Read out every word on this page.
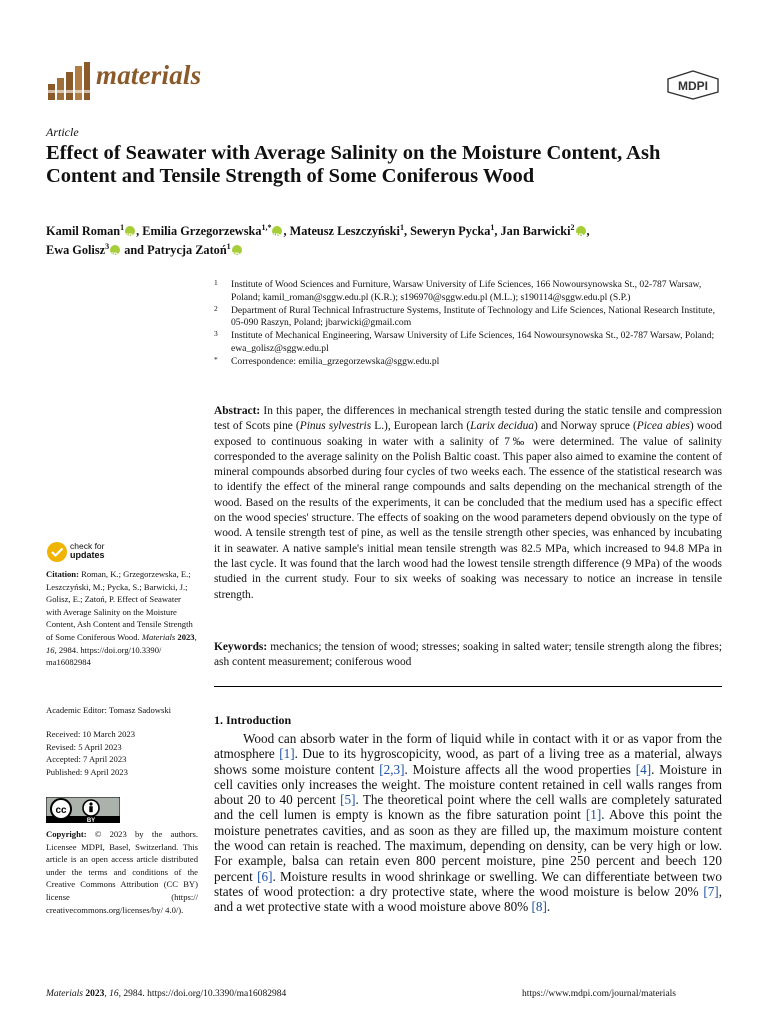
materials	MDPI
Article
Effect of Seawater with Average Salinity on the Moisture Content, Ash Content and Tensile Strength of Some Coniferous Wood
Kamil Roman$^1$ iD , Emilia Grzegorzewska$^{1,*}$ iD , Mateusz Leszczyński$^1$, Seweryn Pycka$^1$, Jan Barwicki$^2$ iD ,
Ewa Golisz$^3$ iD and Patrycja Zatoń$^1$iD

1 Institute of Wood Sciences and Furniture, Warsaw University of Life Sciences, 166 Nowoursynowska St., 02-787 Warsaw, Poland; kamil_roman@sggw.edu.pl (K.R.); s196970@sggw.edu.pl (M.L.); s190114@sggw.edu.pl (S.P.)

2 Department of Rural Technical Infrastructure Systems, Institute of Technology and Life Sciences, National Research Institute, 05-090 Raszyn, Poland; jbarwicki@gmail.com

3 Institute of Mechanical Engineering, Warsaw University of Life Sciences, 164 Nowoursynowska St., 02-787 Warsaw, Poland; ewa_golisz@sggw.edu.pl

* Correspondence: emilia_grzegorzewska@sggw.edu.pl

Abstract: In this paper, the differences in mechanical strength tested during the static tensile and compression test of Scots pine (Pinus sylvestris L.), European larch (Larix decidua) and Norway spruce (Picea abies) wood exposed to continuous soaking in water with a salinity of 7‰ were determined. The value of salinity corresponded to the average salinity on the Polish Baltic coast. This paper also aimed to examine the content of mineral compounds absorbed during four cycles of two weeks each. The essence of the statistical research was to identify the effect of the mineral range compounds and salts depending on the mechanical strength of the wood. Based on the results of the experiments, it can be concluded that the medium used has a specific effect on the wood species' structure. The effects of soaking on the wood parameters depend obviously on the type of wood. A tensile strength test of pine, as well as the tensile strength other species, was enhanced by incubating it in seawater. A native sample's initial mean tensile strength was 82.5 MPa, which increased to 94.8 MPa in the last cycle. It was found that the larch wood had the lowest tensile strength difference (9 MPa) of the woods studied in the current study. Four to six weeks of soaking was necessary to notice an increase in tensile strength.
Keywords: mechanics; the tension of wood; stresses; soaking in salted water; tensile strength along the fibres; ash content measurement; coniferous wood
1. Introduction

Wood can absorb water in the form of liquid while in contact with it or as vapor from the atmosphere [1]. Due to its hygroscopicity, wood, as part of a living tree as a material, always shows some moisture content [2,3]. Moisture affects all the wood properties [4]. Moisture in cell cavities only increases the weight. The moisture content retained in cell walls ranges from about 20 to 40 percent [5]. The theoretical point where the cell walls are completely saturated and the cell lumen is empty is known as the fibre saturation point [1]. Above this point the moisture penetrates cavities, and as soon as they are filled up, the maximum moisture content the wood can retain is reached. The maximum, depending on density, can be very high or low. For example, balsa can retain even 800 percent moisture, pine 250 percent and beech 120 percent [6]. Moisture results in wood shrinkage or swelling. We can differentiate between two states of wood protection: a dry protective state, where the wood moisture is below 20% [7], and a wet protective state with a wood moisture above 80% [8].

check for
updates
Citation: Roman, K.; Grzegorzewska, E.; Leszczyński, M.; Pycka, S.; Barwicki, J.; Golisz, E.; Zatoń, P. Effect of Seawater with Average Salinity on the Moisture Content, Ash Content and Tensile Strength of Some Coniferous Wood. Materials 2023, 16, 2984. https://doi.org/10.3390/ ma16082984
Academic Editor: Tomasz Sadowski
Received: 10 March 2023
Revised: 5 April 2023
Accepted: 7 April 2023
Published: 9 April 2023
cc
BY
Copyright: © 2023 by the authors. Licensee MDPI, Basel, Switzerland. This article is an open access article distributed under the terms and conditions of the Creative Commons Attribution (CC BY) license (https:// creativecommons.org/licenses/by/ 4.0/).
Materials 2023, 16, 2984. https://doi.org/10.3390/ma16082984	https://www.mdpi.com/journal/materials
